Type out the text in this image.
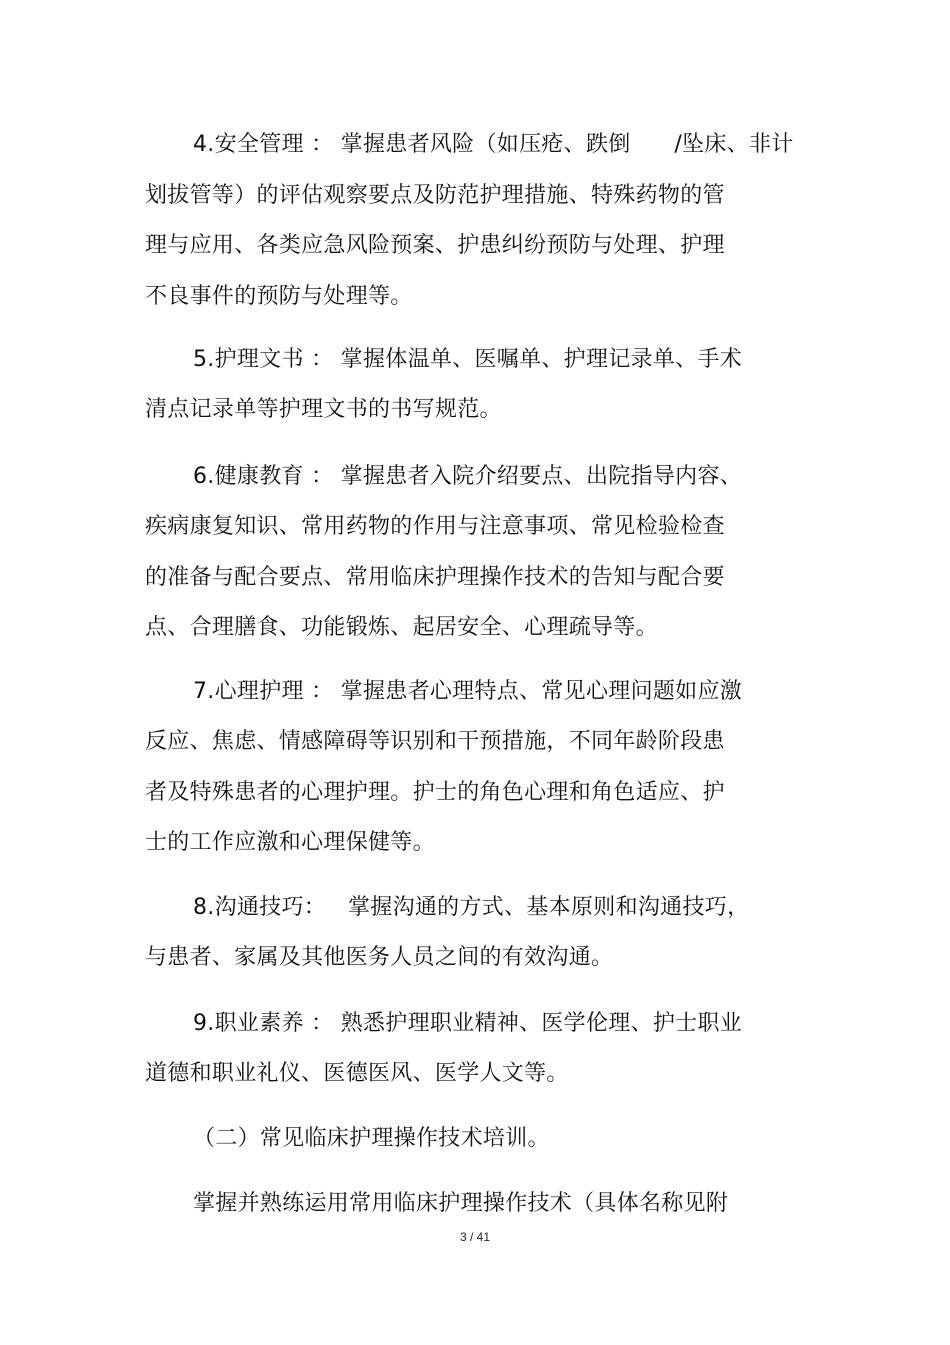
4.安全管理 ： 掌握患者风险（如压疮、跌倒      /坠床、非计
划拔管等）的评估观察要点及防范护理措施、特殊药物的管
理与应用、各类应急风险预案、护患纠纷预防与处理、护理
不良事件的预防与处理等。
5.护理文书 ： 掌握体温单、医嘱单、护理记录单、手术
清点记录单等护理文书的书写规范。
6.健康教育 ： 掌握患者入院介绍要点、出院指导内容、
疾病康复知识、常用药物的作用与注意事项、常见检验检查
的准备与配合要点、常用临床护理操作技术的告知与配合要
点、合理膳食、功能锻炼、起居安全、心理疏导等。
7.心理护理 ： 掌握患者心理特点、常见心理问题如应激
反应、焦虑、情感障碍等识别和干预措施，不同年龄阶段患
者及特殊患者的心理护理。护士的角色心理和角色适应、护
士的工作应激和心理保健等。
8.沟通技巧：   掌握沟通的方式、基本原则和沟通技巧，
与患者、家属及其他医务人员之间的有效沟通。
9.职业素养 ： 熟悉护理职业精神、医学伦理、护士职业
道德和职业礼仪、医德医风、医学人文等。
（二）常见临床护理操作技术培训。
掌握并熟练运用常用临床护理操作技术（具体名称见附
3 / 41
